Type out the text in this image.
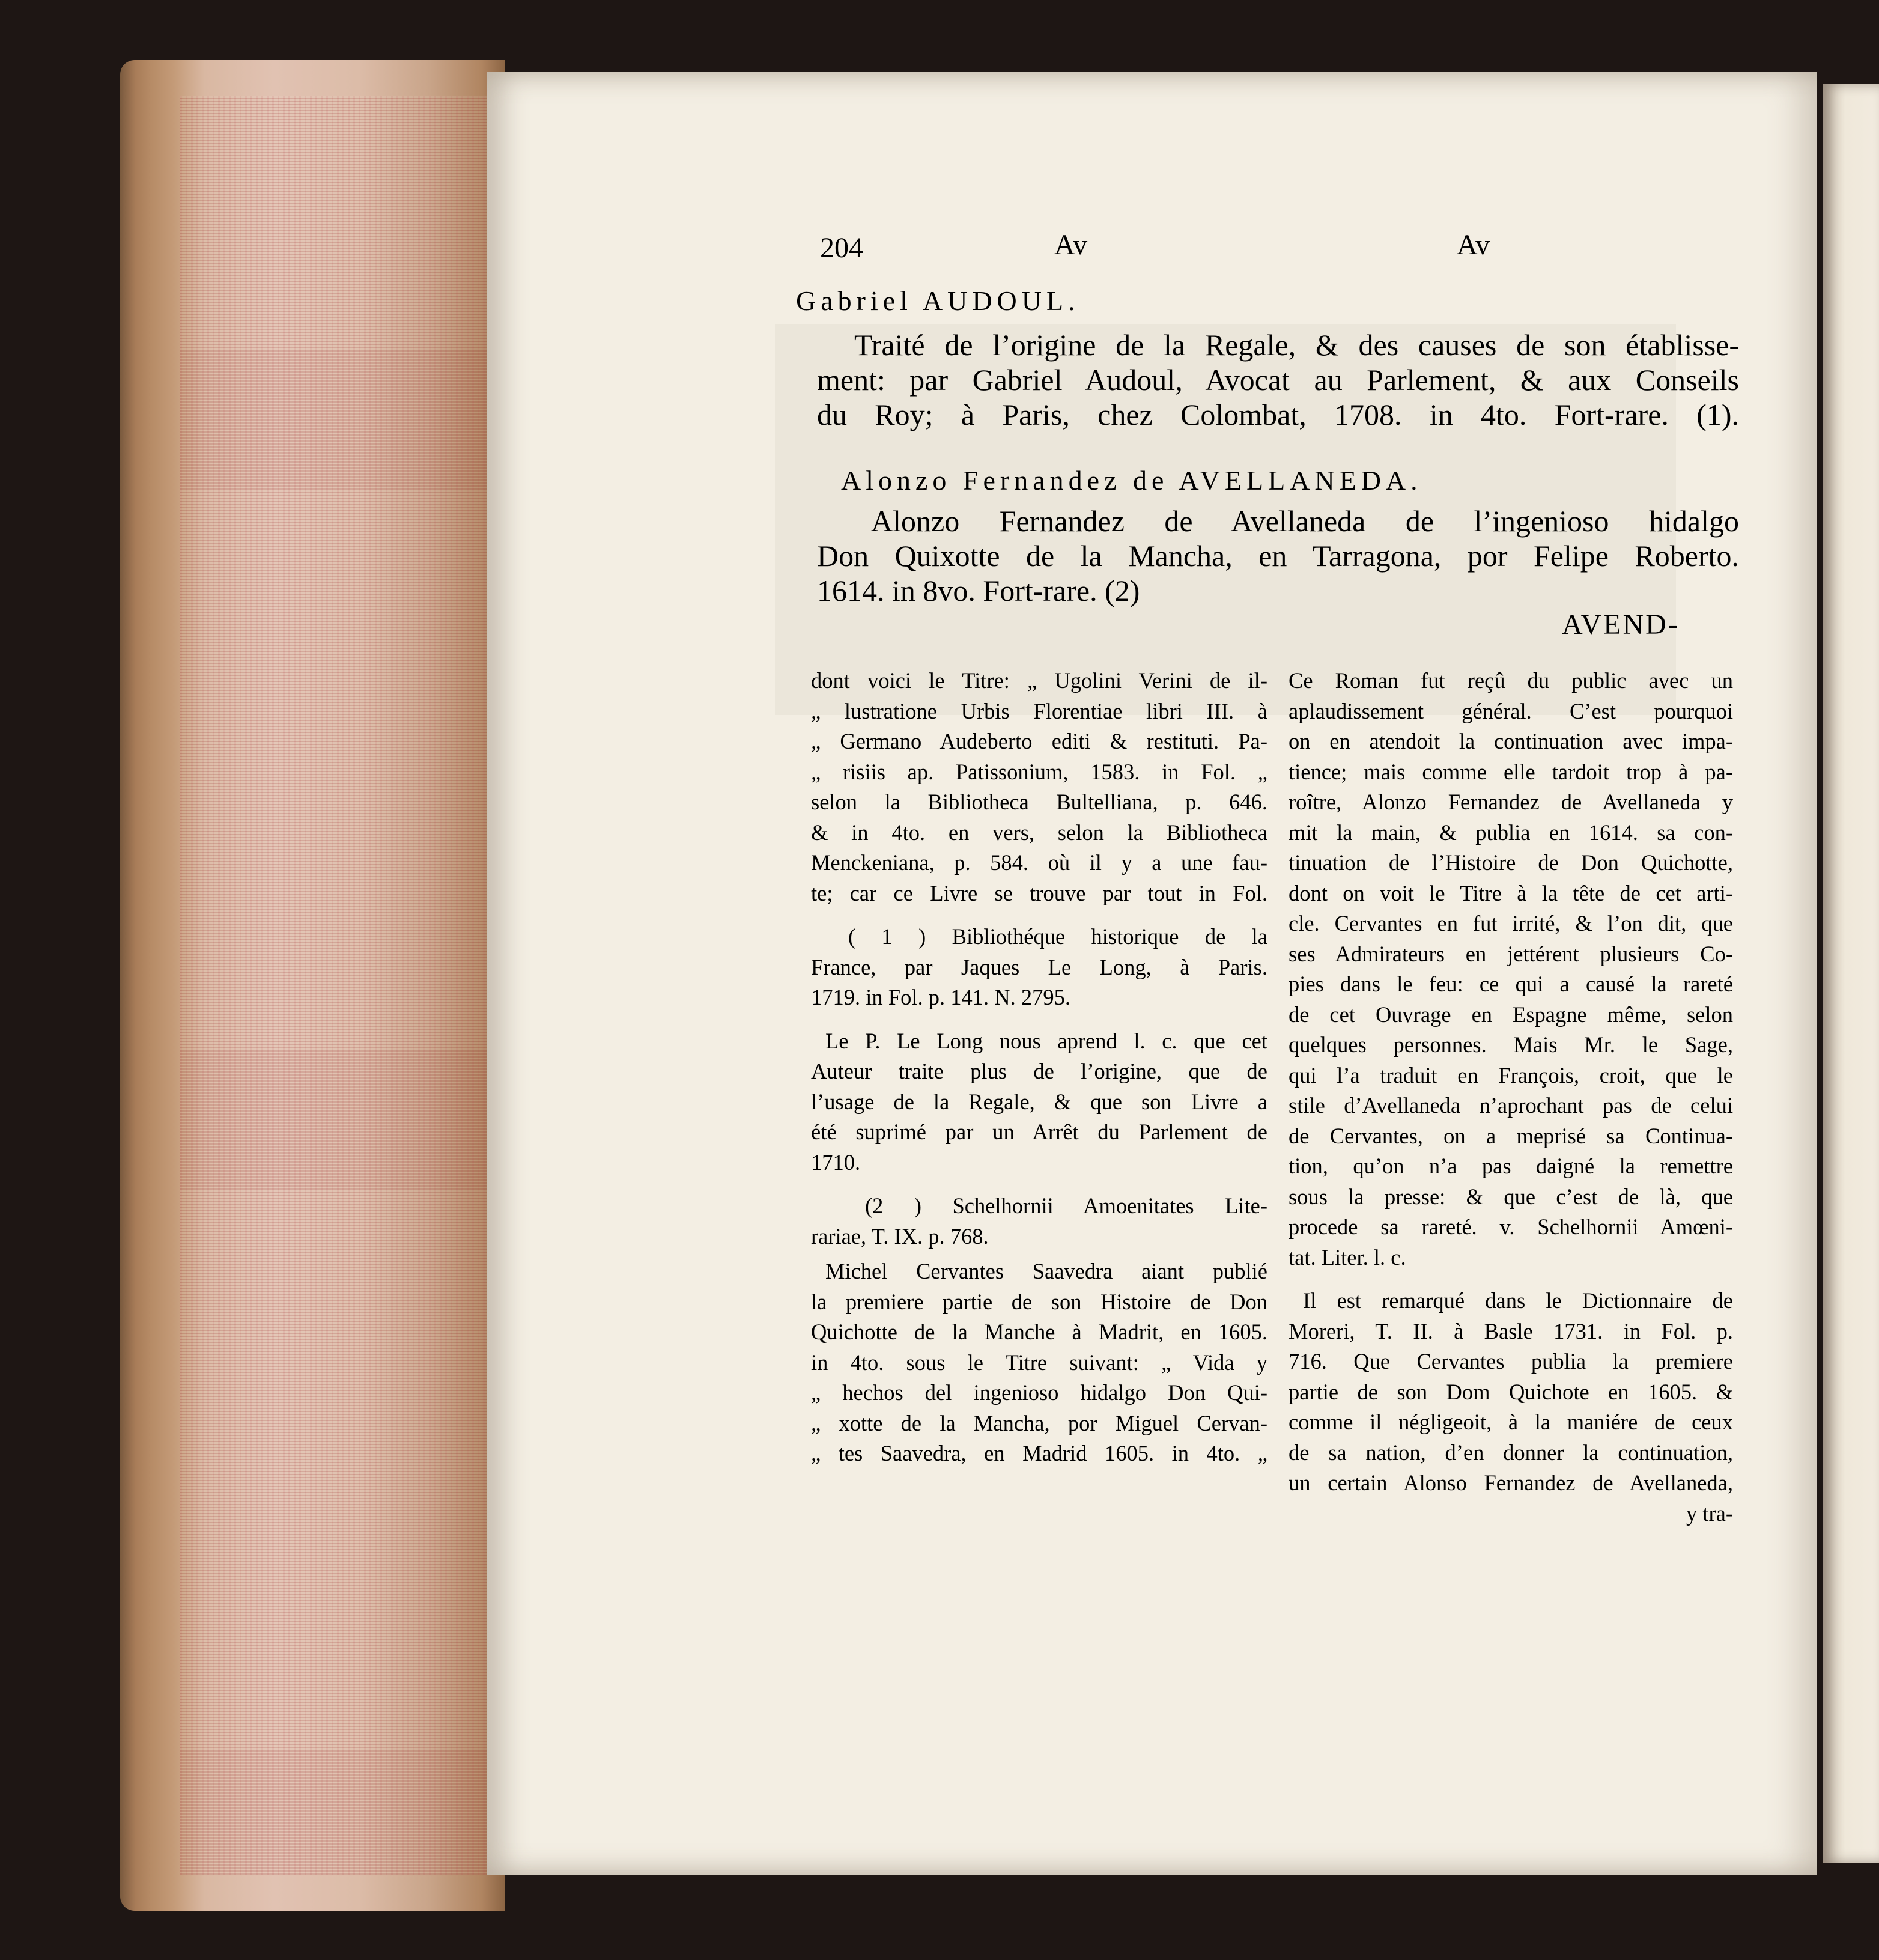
204	Av	Av

Gabriel AUDOUL.

Traité de l’origine de la Regale, & des causes de son établisse-
ment: par Gabriel Audoul, Avocat au Parlement, & aux Conseils
du Roy; à Paris, chez Colombat, 1708. in 4to. Fort-rare. (1).

Alonzo Fernandez de AVELLANEDA.

Alonzo Fernandez de Avellaneda de l’ingenioso hidalgo
Don Quixotte de la Mancha, en Tarragona, por Felipe Roberto.
1614. in 8vo. Fort-rare. (2)

AVEND-

dont voici le Titre: „ Ugolini Verini de il-
„ lustratione Urbis Florentiae libri III. à
„ Germano Audeberto editi & restituti. Pa-
„ risiis ap. Patissonium, 1583. in Fol. „
selon la Bibliotheca Bultelliana, p. 646.
& in 4to. en vers, selon la Bibliotheca
Menckeniana, p. 584. où il y a une fau-
te; car ce Livre se trouve par tout in Fol.
( 1 ) Bibliothéque historique de la
France, par Jaques Le Long, à Paris.
1719. in Fol. p. 141. N. 2795.
Le P. Le Long nous aprend l. c. que cet
Auteur traite plus de l’origine, que de
l’usage de la Regale, & que son Livre a
été suprimé par un Arrêt du Parlement de
1710.
(2 ) Schelhornii Amoenitates Lite-
rariae, T. IX. p. 768.
Michel Cervantes Saavedra aiant publié
la premiere partie de son Histoire de Don
Quichotte de la Manche à Madrit, en 1605.
in 4to. sous le Titre suivant: „ Vida y
„ hechos del ingenioso hidalgo Don Qui-
„ xotte de la Mancha, por Miguel Cervan-
„ tes Saavedra, en Madrid 1605. in 4to. „
Ce Roman fut reçû du public avec un
aplaudissement général. C’est pourquoi
on en atendoit la continuation avec impa-
tience; mais comme elle tardoit trop à pa-
roître, Alonzo Fernandez de Avellaneda y
mit la main, & publia en 1614. sa con-
tinuation de l’Histoire de Don Quichotte,
dont on voit le Titre à la tête de cet arti-
cle. Cervantes en fut irrité, & l’on dit, que
ses Admirateurs en jettérent plusieurs Co-
pies dans le feu: ce qui a causé la rareté
de cet Ouvrage en Espagne même, selon
quelques personnes. Mais Mr. le Sage,
qui l’a traduit en François, croit, que le
stile d’Avellaneda n’aprochant pas de celui
de Cervantes, on a meprisé sa Continua-
tion, qu’on n’a pas daigné la remettre
sous la presse: & que c’est de là, que
procede sa rareté. v. Schelhornii Amœni-
tat. Liter. l. c.
Il est remarqué dans le Dictionnaire de
Moreri, T. II. à Basle 1731. in Fol. p.
716. Que Cervantes publia la premiere
partie de son Dom Quichote en 1605. &
comme il négligeoit, à la maniére de ceux
de sa nation, d’en donner la continuation,
un certain Alonso Fernandez de Avellaneda,
y tra-
